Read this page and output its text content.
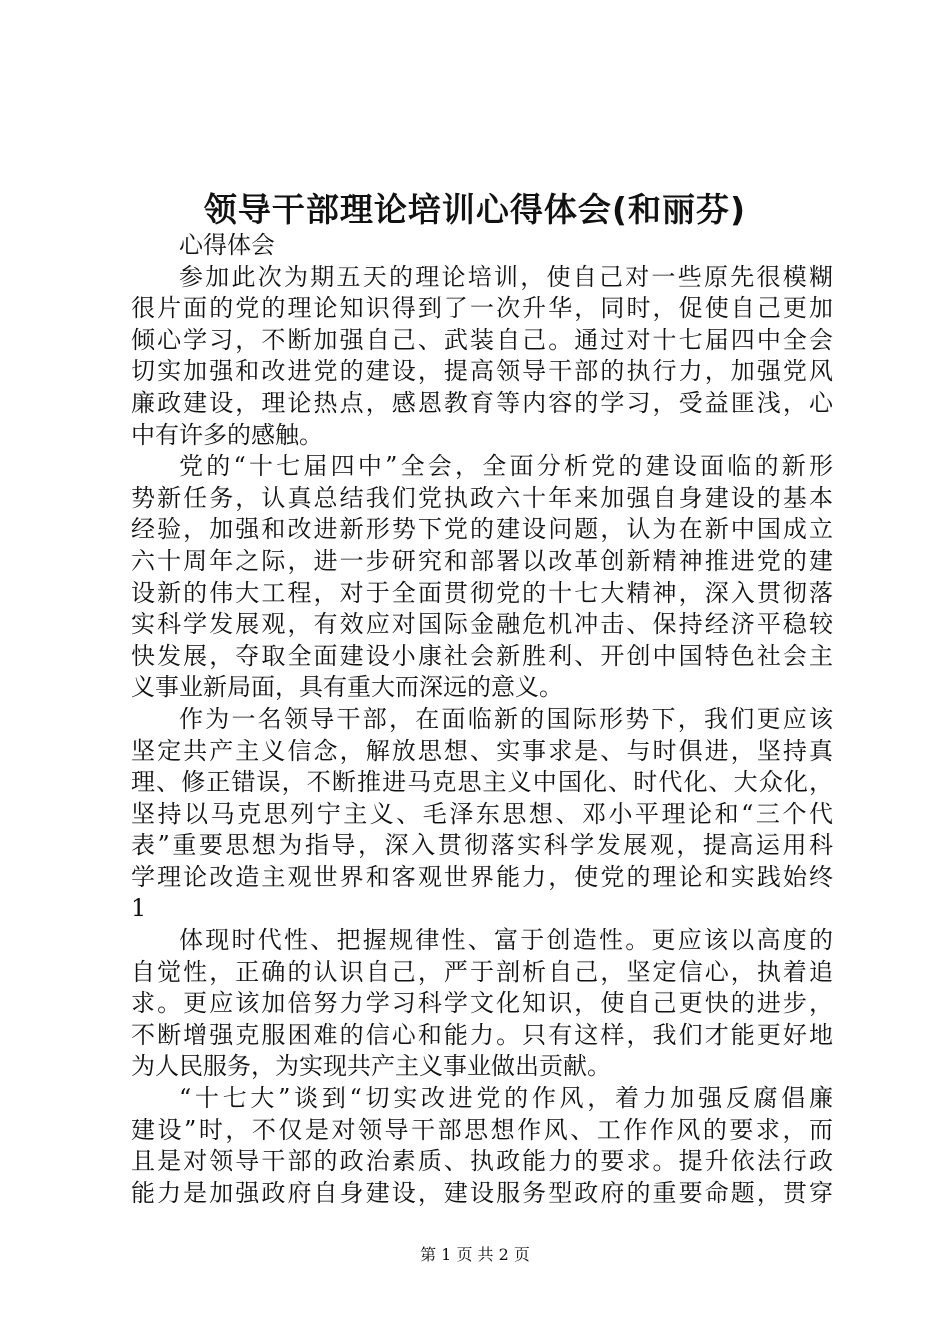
领导干部理论培训心得体会(和丽芬)
心得体会
参加此次为期五天的理论培训，使自己对一些原先很模糊
很片面的党的理论知识得到了一次升华，同时，促使自己更加
倾心学习，不断加强自己、武装自己。通过对十七届四中全会
切实加强和改进党的建设，提高领导干部的执行力，加强党风
廉政建设，理论热点，感恩教育等内容的学习，受益匪浅，心
中有许多的感触。
党的“十七届四中”全会，全面分析党的建设面临的新形
势新任务，认真总结我们党执政六十年来加强自身建设的基本
经验，加强和改进新形势下党的建设问题，认为在新中国成立
六十周年之际，进一步研究和部署以改革创新精神推进党的建
设新的伟大工程，对于全面贯彻党的十七大精神，深入贯彻落
实科学发展观，有效应对国际金融危机冲击、保持经济平稳较
快发展，夺取全面建设小康社会新胜利、开创中国特色社会主
义事业新局面，具有重大而深远的意义。
作为一名领导干部，在面临新的国际形势下，我们更应该
坚定共产主义信念，解放思想、实事求是、与时俱进，坚持真
理、修正错误，不断推进马克思主义中国化、时代化、大众化，
坚持以马克思列宁主义、毛泽东思想、邓小平理论和“三个代
表”重要思想为指导，深入贯彻落实科学发展观，提高运用科
学理论改造主观世界和客观世界能力，使党的理论和实践始终
1
体现时代性、把握规律性、富于创造性。更应该以高度的
自觉性，正确的认识自己，严于剖析自己，坚定信心，执着追
求。更应该加倍努力学习科学文化知识，使自己更快的进步，
不断增强克服困难的信心和能力。只有这样，我们才能更好地
为人民服务，为实现共产主义事业做出贡献。
“十七大”谈到“切实改进党的作风，着力加强反腐倡廉
建设”时，不仅是对领导干部思想作风、工作作风的要求，而
且是对领导干部的政治素质、执政能力的要求。提升依法行政
能力是加强政府自身建设，建设服务型政府的重要命题，贯穿
第 1 页 共 2 页
